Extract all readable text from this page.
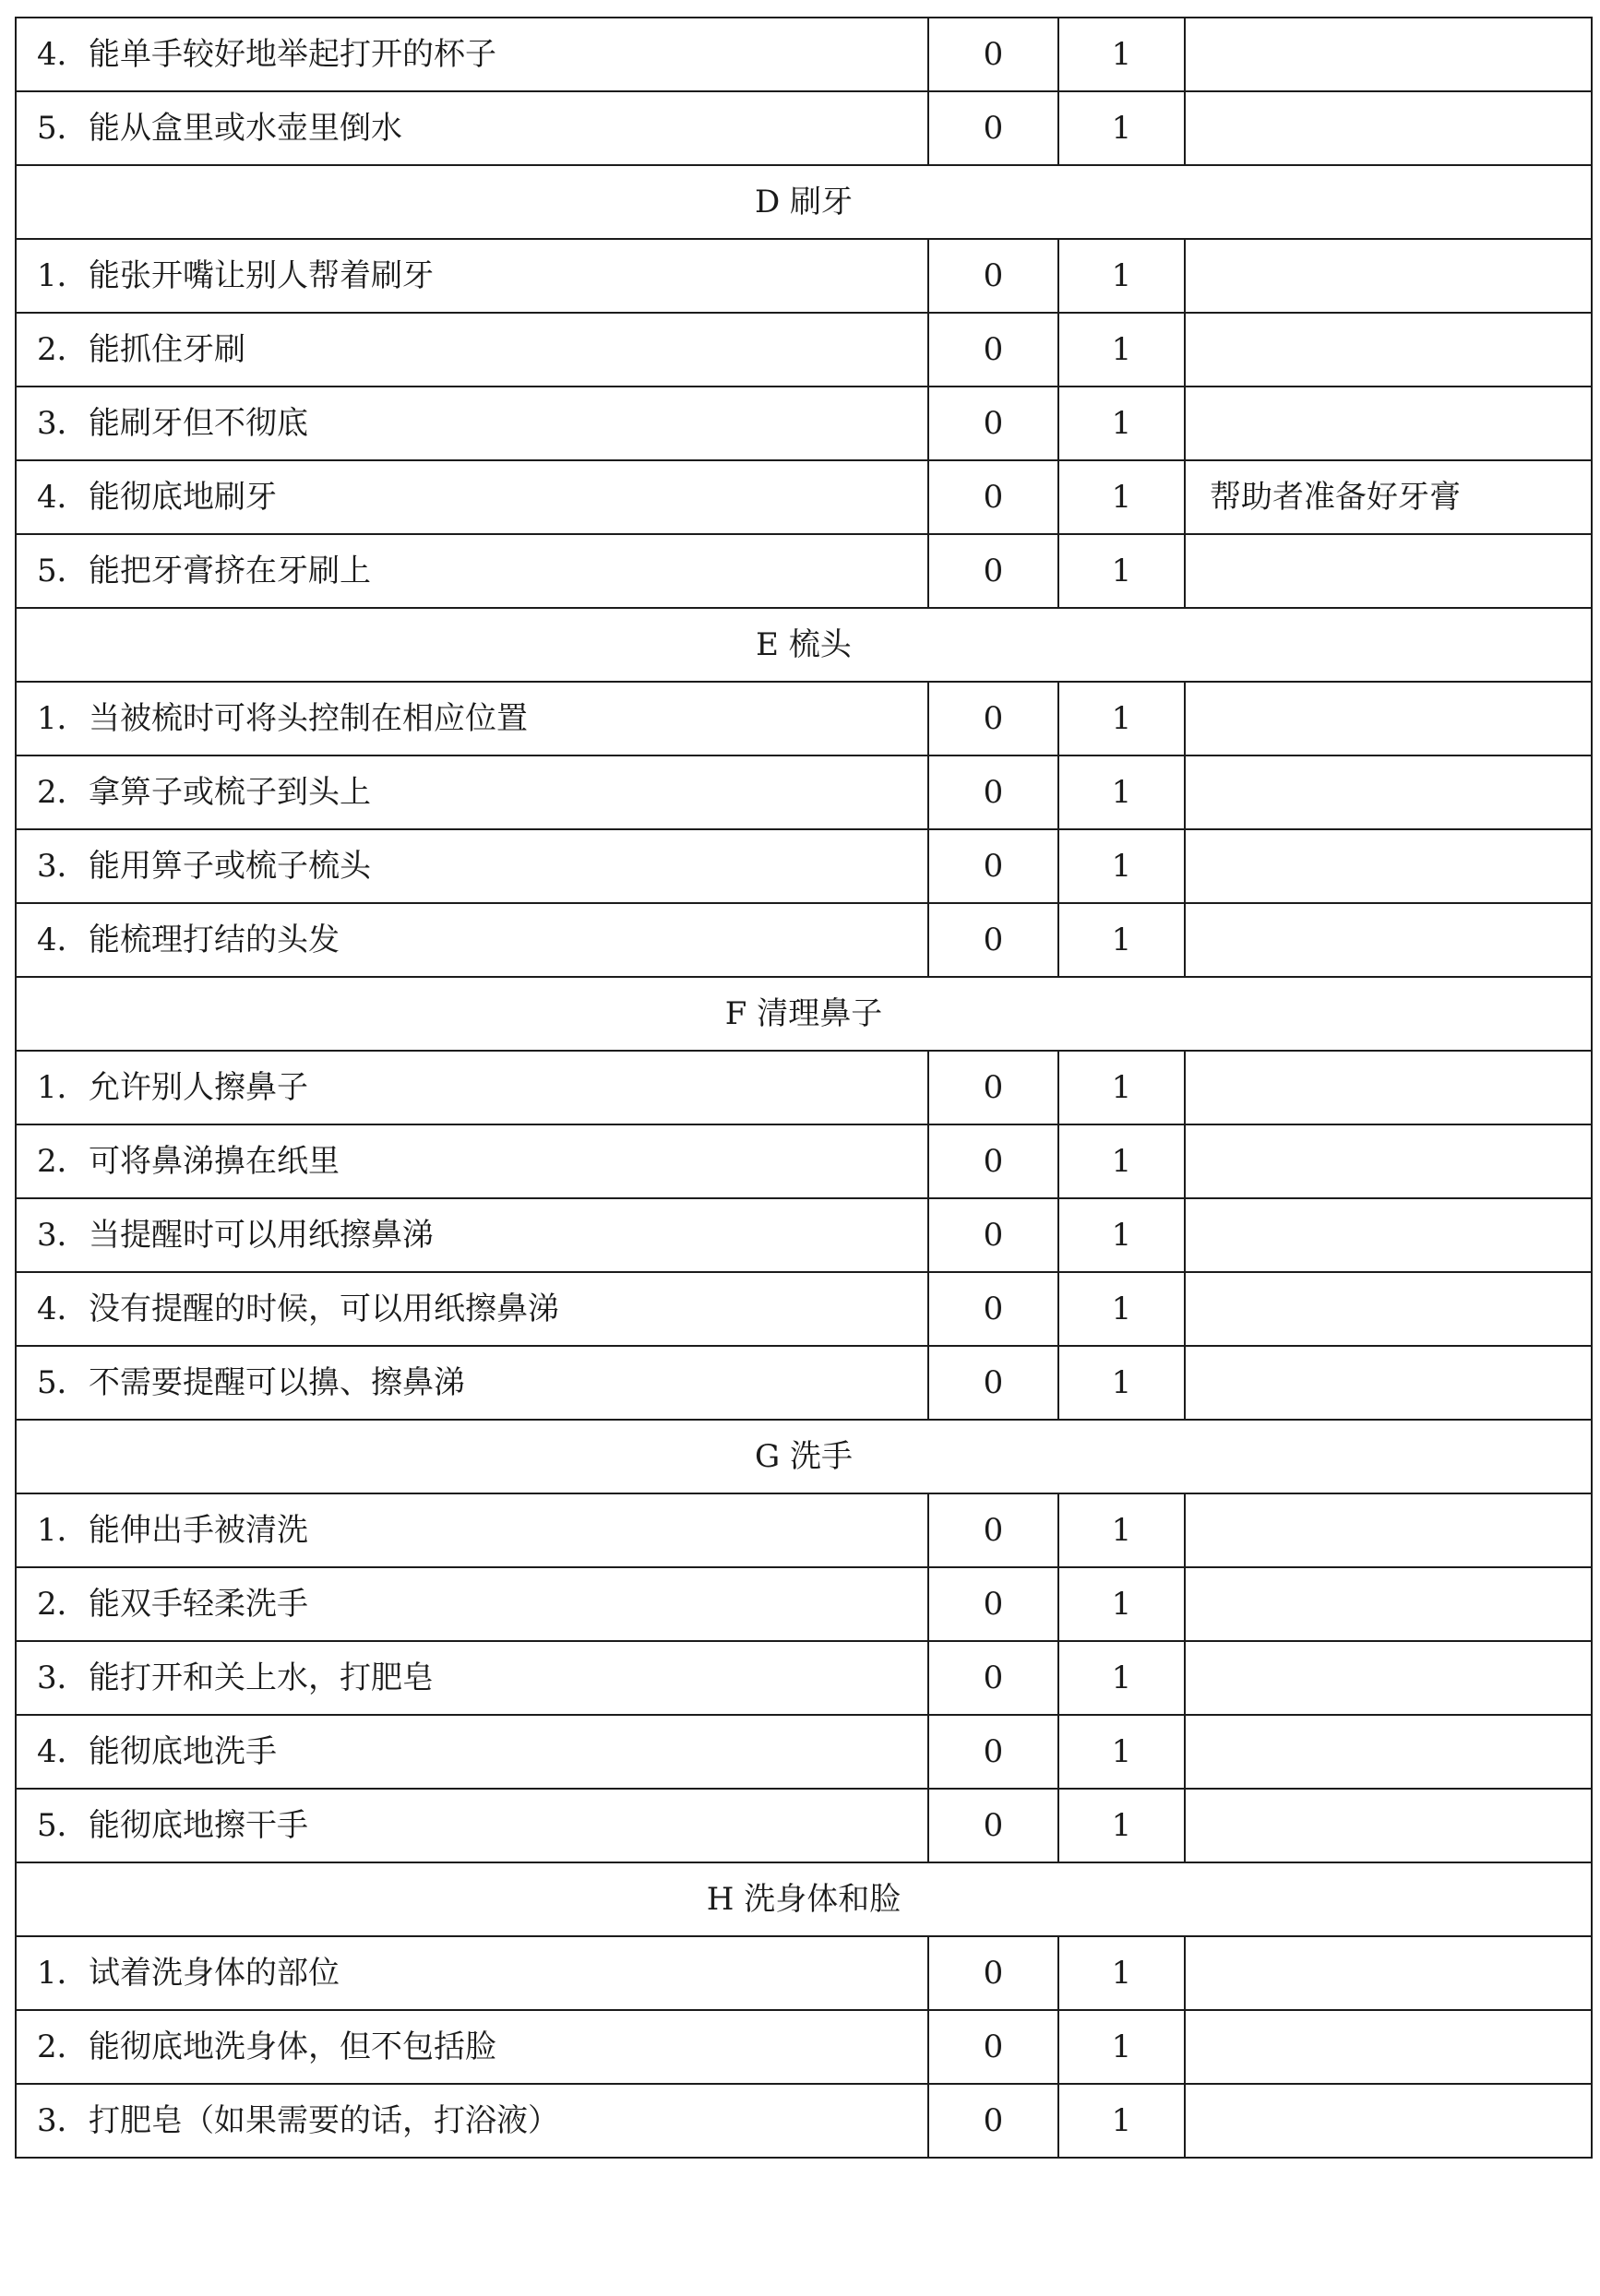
4．能单手较好地举起打开的杯子	0	1	
5．能从盒里或水壶里倒水	0	1	
D 刷牙			
1．能张开嘴让别人帮着刷牙	0	1	
2．能抓住牙刷	0	1	
3．能刷牙但不彻底	0	1	
4．能彻底地刷牙	0	1	帮助者准备好牙膏
5．能把牙膏挤在牙刷上	0	1	
E 梳头			
1．当被梳时可将头控制在相应位置	0	1	
2．拿箅子或梳子到头上	0	1	
3．能用箅子或梳子梳头	0	1	
4．能梳理打结的头发	0	1	
F 清理鼻子			
1．允许别人擦鼻子	0	1	
2．可将鼻涕擤在纸里	0	1	
3．当提醒时可以用纸擦鼻涕	0	1	
4．没有提醒的时候，可以用纸擦鼻涕	0	1	
5．不需要提醒可以擤、擦鼻涕	0	1	
G 洗手			
1．能伸出手被清洗	0	1	
2．能双手轻柔洗手	0	1	
3．能打开和关上水，打肥皂	0	1	
4．能彻底地洗手	0	1	
5．能彻底地擦干手	0	1	
H 洗身体和脸			
1．试着洗身体的部位	0	1	
2．能彻底地洗身体，但不包括脸	0	1	
3．打肥皂（如果需要的话，打浴液）	0	1	
